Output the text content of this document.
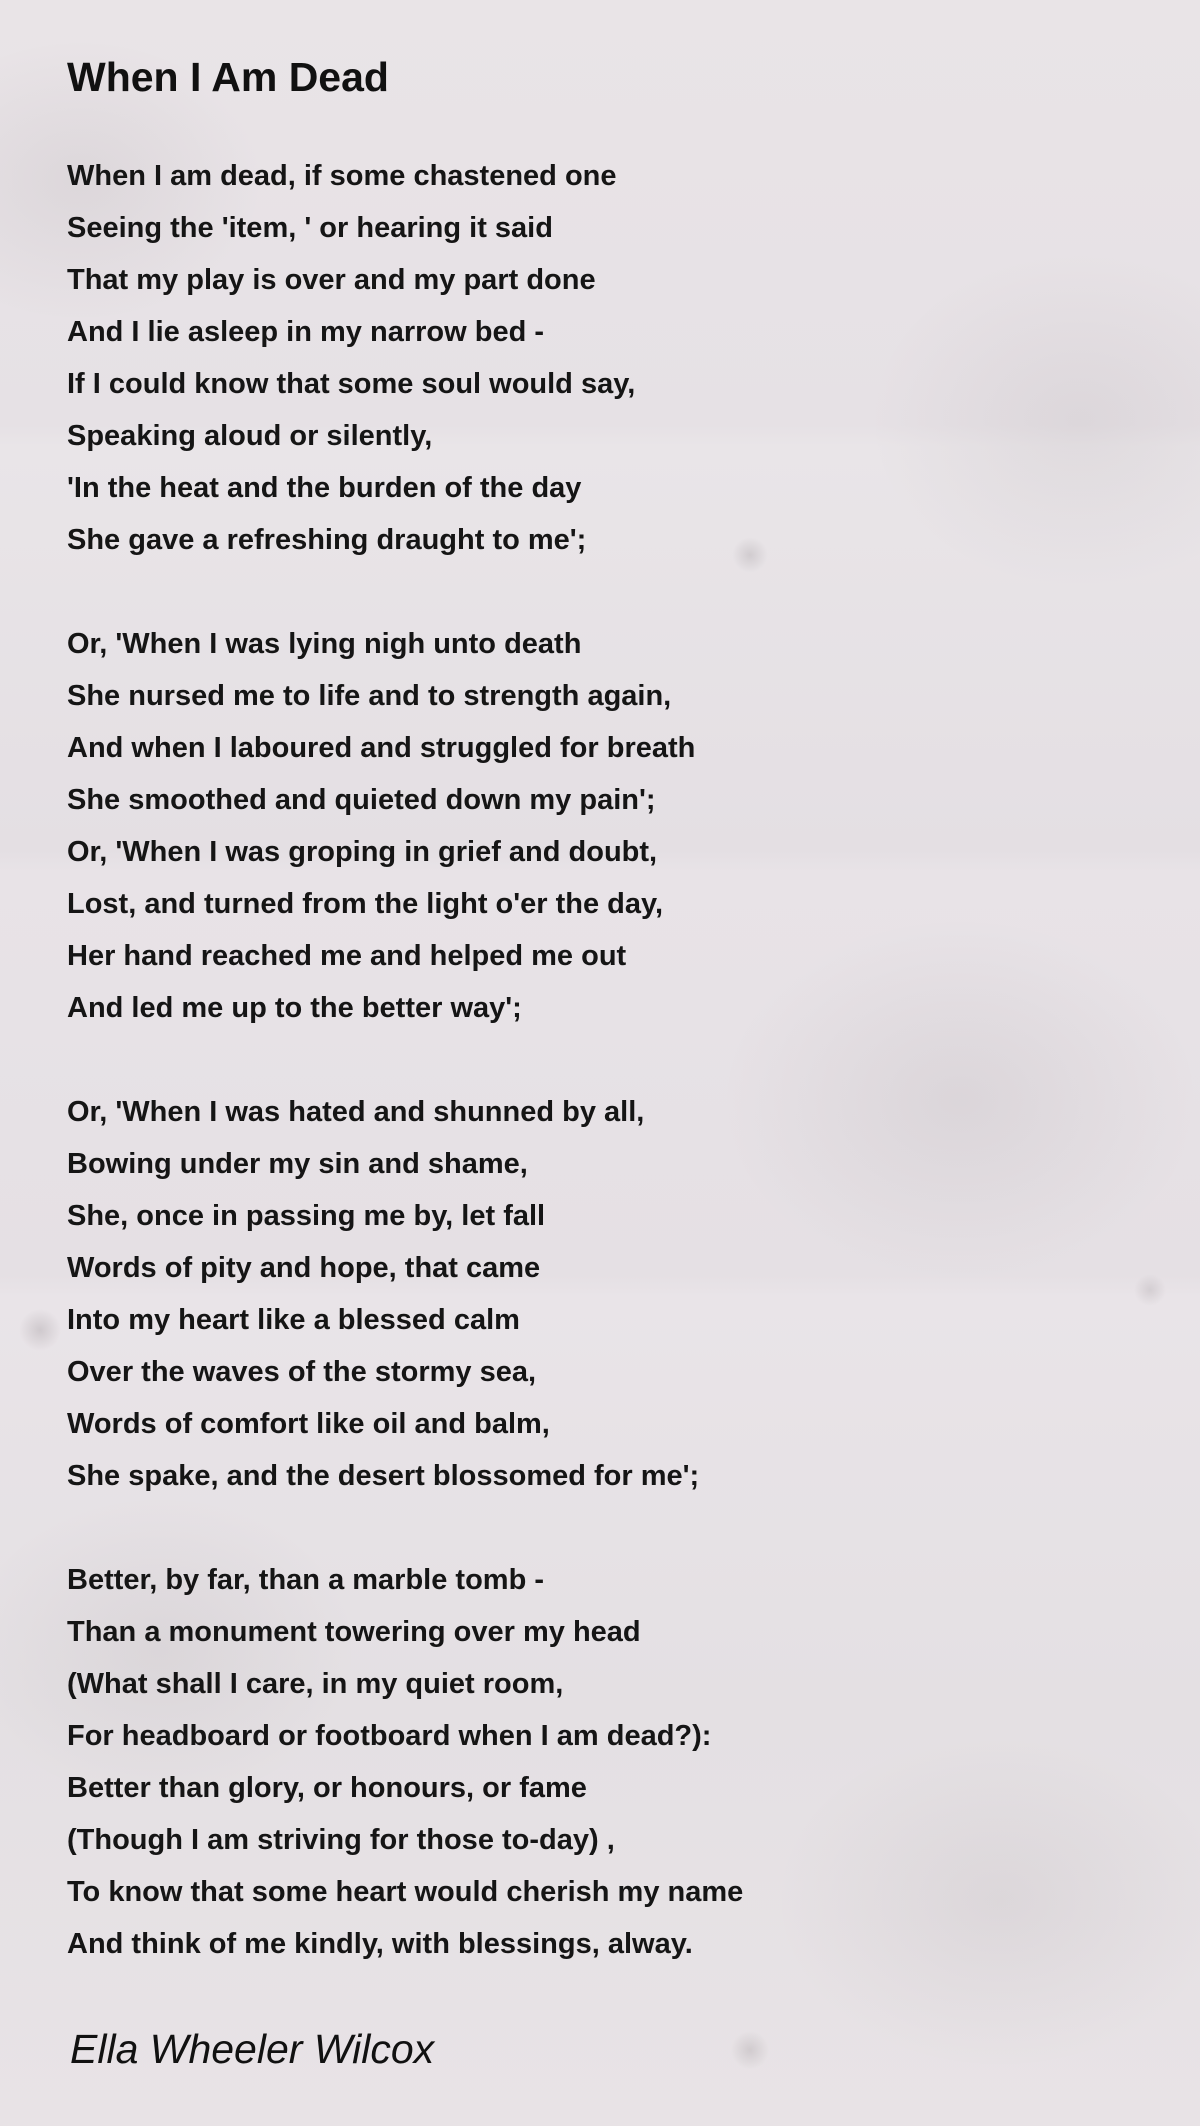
When I Am Dead
When I am dead, if some chastened one
Seeing the 'item, ' or hearing it said
That my play is over and my part done
And I lie asleep in my narrow bed -
If I could know that some soul would say,
Speaking aloud or silently,
'In the heat and the burden of the day
She gave a refreshing draught to me';
Or, 'When I was lying nigh unto death
She nursed me to life and to strength again,
And when I laboured and struggled for breath
She smoothed and quieted down my pain';
Or, 'When I was groping in grief and doubt,
Lost, and turned from the light o'er the day,
Her hand reached me and helped me out
And led me up to the better way';
Or, 'When I was hated and shunned by all,
Bowing under my sin and shame,
She, once in passing me by, let fall
Words of pity and hope, that came
Into my heart like a blessed calm
Over the waves of the stormy sea,
Words of comfort like oil and balm,
She spake, and the desert blossomed for me';
Better, by far, than a marble tomb -
Than a monument towering over my head
(What shall I care, in my quiet room,
For headboard or footboard when I am dead?):
Better than glory, or honours, or fame
(Though I am striving for those to-day) ,
To know that some heart would cherish my name
And think of me kindly, with blessings, alway.

Ella Wheeler Wilcox
